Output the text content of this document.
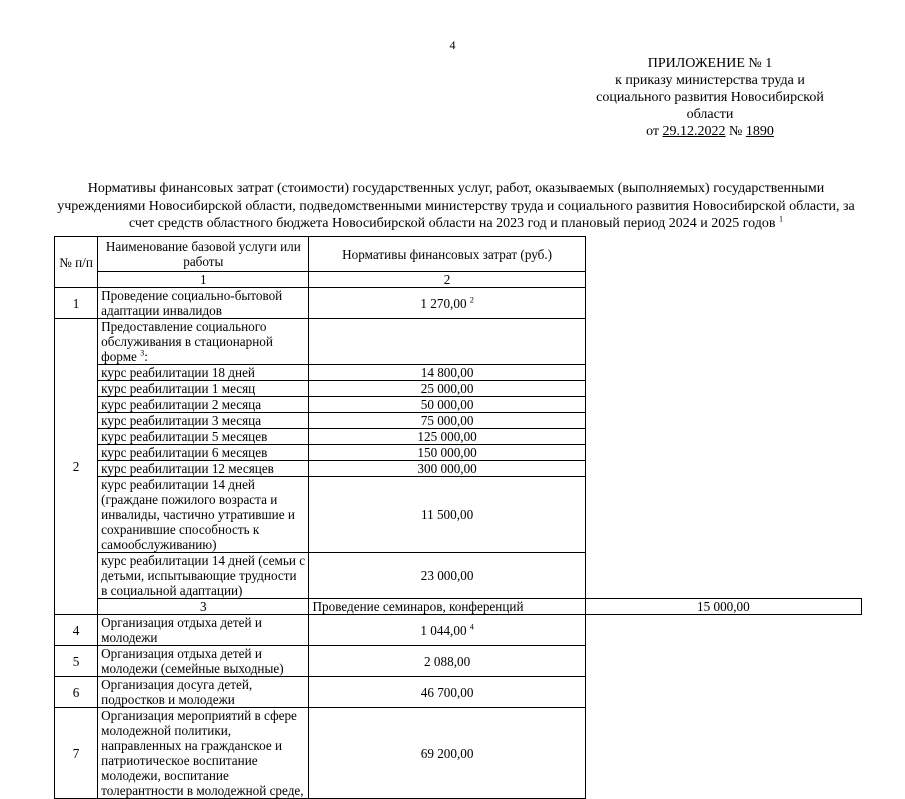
4
ПРИЛОЖЕНИЕ № 1
к приказу министерства труда и
социального развития Новосибирской
области
от 29.12.2022 № 1890
Нормативы финансовых затрат (стоимости) государственных услуг, работ, оказываемых (выполняемых) государственными учреждениями Новосибирской области, подведомственными министерству труда и социального развития Новосибирской области, за счет средств областного бюджета Новосибирской области на 2023 год и плановый период 2024 и 2025 годов $^1$
№ п/п	Наименование базовой услуги или работы	Нормативы финансовых затрат (руб.)	
	1	2	
1	Проведение социально-бытовой адаптации инвалидов	1 270,00 $^2$
2	Предоставление социального обслуживания в стационарной форме $^3$:		
	курс реабилитации 18 дней	14 800,00	
	курс реабилитации 1 месяц	25 000,00	
	курс реабилитации 2 месяца	50 000,00	
	курс реабилитации 3 месяца	75 000,00	
	курс реабилитации 5 месяцев	125 000,00	
	курс реабилитации 6 месяцев	150 000,00	
	курс реабилитации 12 месяцев	300 000,00	
	курс реабилитации 14 дней (граждане пожилого возраста и инвалиды, частично утратившие и сохранившие способность к самообслуживанию)	11 500,00	
	курс реабилитации 14 дней (семьи с детьми, испытывающие трудности в социальной адаптации)	23 000,00	
	3	Проведение семинаров, конференций	15 000,00
4	Организация отдыха детей и молодежи	1 044,00 $^4$
5	Организация отдыха детей и молодежи (семейные выходные)	2 088,00	
6	Организация досуга детей, подростков и молодежи	46 700,00	
7	Организация мероприятий в сфере молодежной политики, направленных на гражданское и патриотическое воспитание молодежи, воспитание толерантности в молодежной среде,	69 200,00	
